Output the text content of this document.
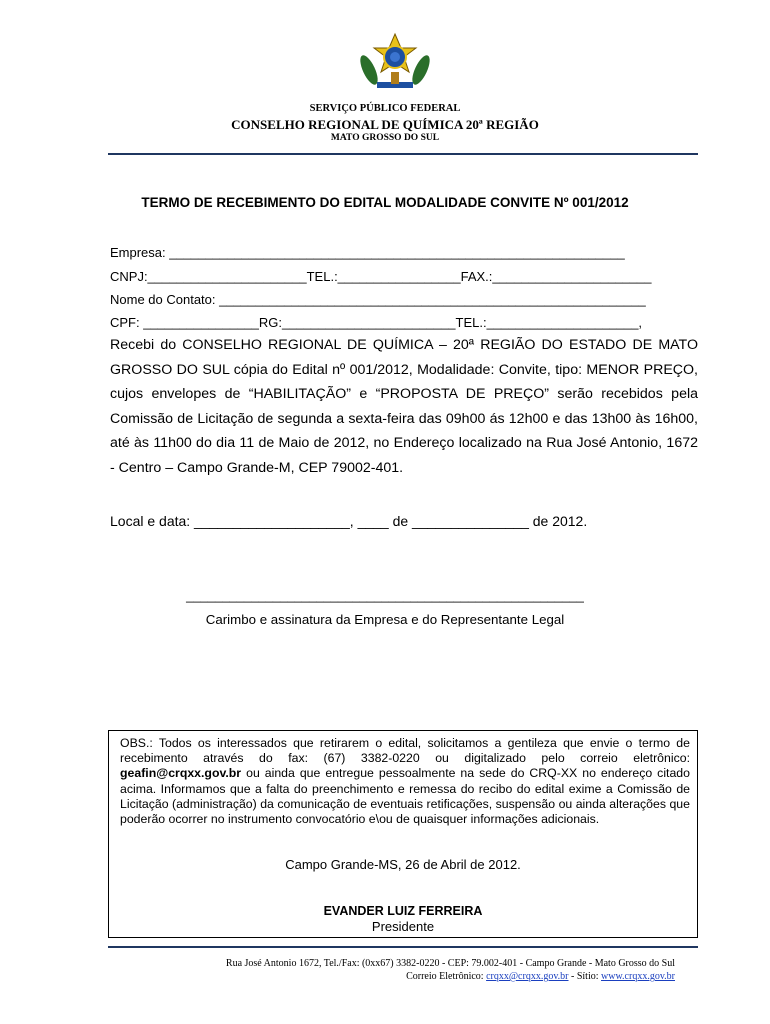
SERVIÇO PÚBLICO FEDERAL
CONSELHO REGIONAL DE QUÍMICA 20ª REGIÃO
MATO GROSSO DO SUL
TERMO DE RECEBIMENTO DO EDITAL MODALIDADE CONVITE Nº 001/2012
Empresa: _______________________________________________________________
CNPJ:______________________TEL.:_________________FAX.:______________________
Nome do Contato: ___________________________________________________________
CPF: ________________RG:________________________TEL.:_____________________,
Recebi do CONSELHO REGIONAL DE QUÍMICA – 20ª REGIÃO DO ESTADO DE MATO GROSSO DO SUL cópia do Edital nº 001/2012, Modalidade: Convite, tipo: MENOR PREÇO, cujos envelopes de “HABILITAÇÃO” e “PROPOSTA DE PREÇO” serão recebidos pela Comissão de Licitação de segunda a sexta-feira das 09h00 ás 12h00 e das 13h00 às 16h00, até às 11h00 do dia 11 de Maio de 2012, no Endereço localizado na Rua José Antonio, 1672 - Centro – Campo Grande-M, CEP 79002-401.
Local e data: ____________________, ____ de _______________ de 2012.
_______________________________________________________
Carimbo e assinatura da Empresa e do Representante Legal
OBS.: Todos os interessados que retirarem o edital, solicitamos a gentileza que envie o termo de recebimento através do fax: (67) 3382-0220 ou digitalizado pelo correio eletrônico: geafin@crqxx.gov.br ou ainda que entregue pessoalmente na sede do CRQ-XX no endereço citado acima. Informamos que a falta do preenchimento e remessa do recibo do edital exime a Comissão de Licitação (administração) da comunicação de eventuais retificações, suspensão ou ainda alterações que poderão ocorrer no instrumento convocatório e\ou de quaisquer informações adicionais.
Campo Grande-MS, 26 de Abril de 2012.
EVANDER LUIZ FERREIRA
Presidente
Rua José Antonio 1672, Tel./Fax: (0xx67) 3382-0220 - CEP: 79.002-401 - Campo Grande - Mato Grosso do Sul
Correio Eletrônico: crqxx@crqxx.gov.br - Sítio: www.crqxx.gov.br
